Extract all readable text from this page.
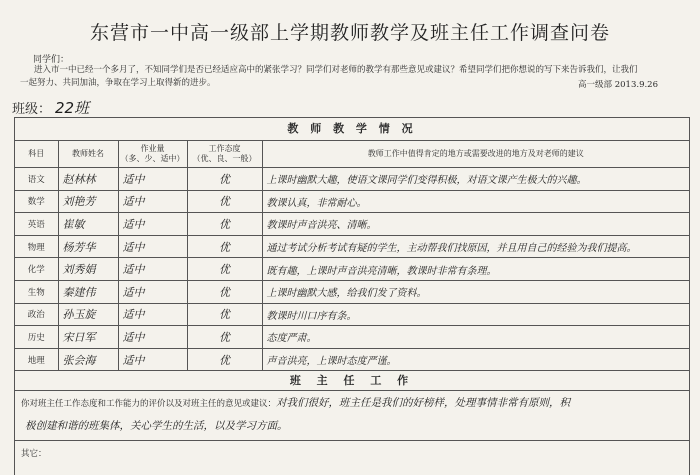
东营市一中高一级部上学期教师教学及班主任工作调查问卷
同学们：

进入市一中已经一个多月了，不知同学们是否已经适应高中的紧张学习？同学们对老师的教学有那些意见或建议？希望同学们把你想说的写下来告诉我们，让我们

一起努力、共同加油，争取在学习上取得新的进步。	高一级部 2013.9.26
班级： 22班
教 师 教 学 情 况
科目	教师姓名	作业量
（多、少、适中）	工作态度
（优、良、一般）	教师工作中值得肯定的地方或需要改进的地方及对老师的建议
语文	赵林林	适中	优	上课时幽默大趣，使语文课同学们变得积极，对语文课产生极大的兴趣。
数学	刘艳芳	适中	优	教课认真，非常耐心。
英语	崔敏	适中	优	教课时声音洪亮、清晰。
物理	杨芳华	适中	优	通过考试分析考试有疑的学生，主动帮我们找原因，并且用自己的经验为我们提高。
化学	刘秀娟	适中	优	既有趣，上课时声音洪亮清晰，教课时非常有条理。
生物	秦建伟	适中	优	上课时幽默大感，给我们发了资料。
政治	孙玉旋	适中	优	教课时川口序有条。
历史	宋日军	适中	优	态度严肃。
地理	张会海	适中	优	声音洪亮，上课时态度严谨。
班 主 任 工 作
你对班主任工作态度和工作能力的评价以及对班主任的意见或建议：对我们很好，班主任是我们的好榜样，处理事情非常有原则，积
极创建和谐的班集体，关心学生的生活，以及学习方面。
其它：
